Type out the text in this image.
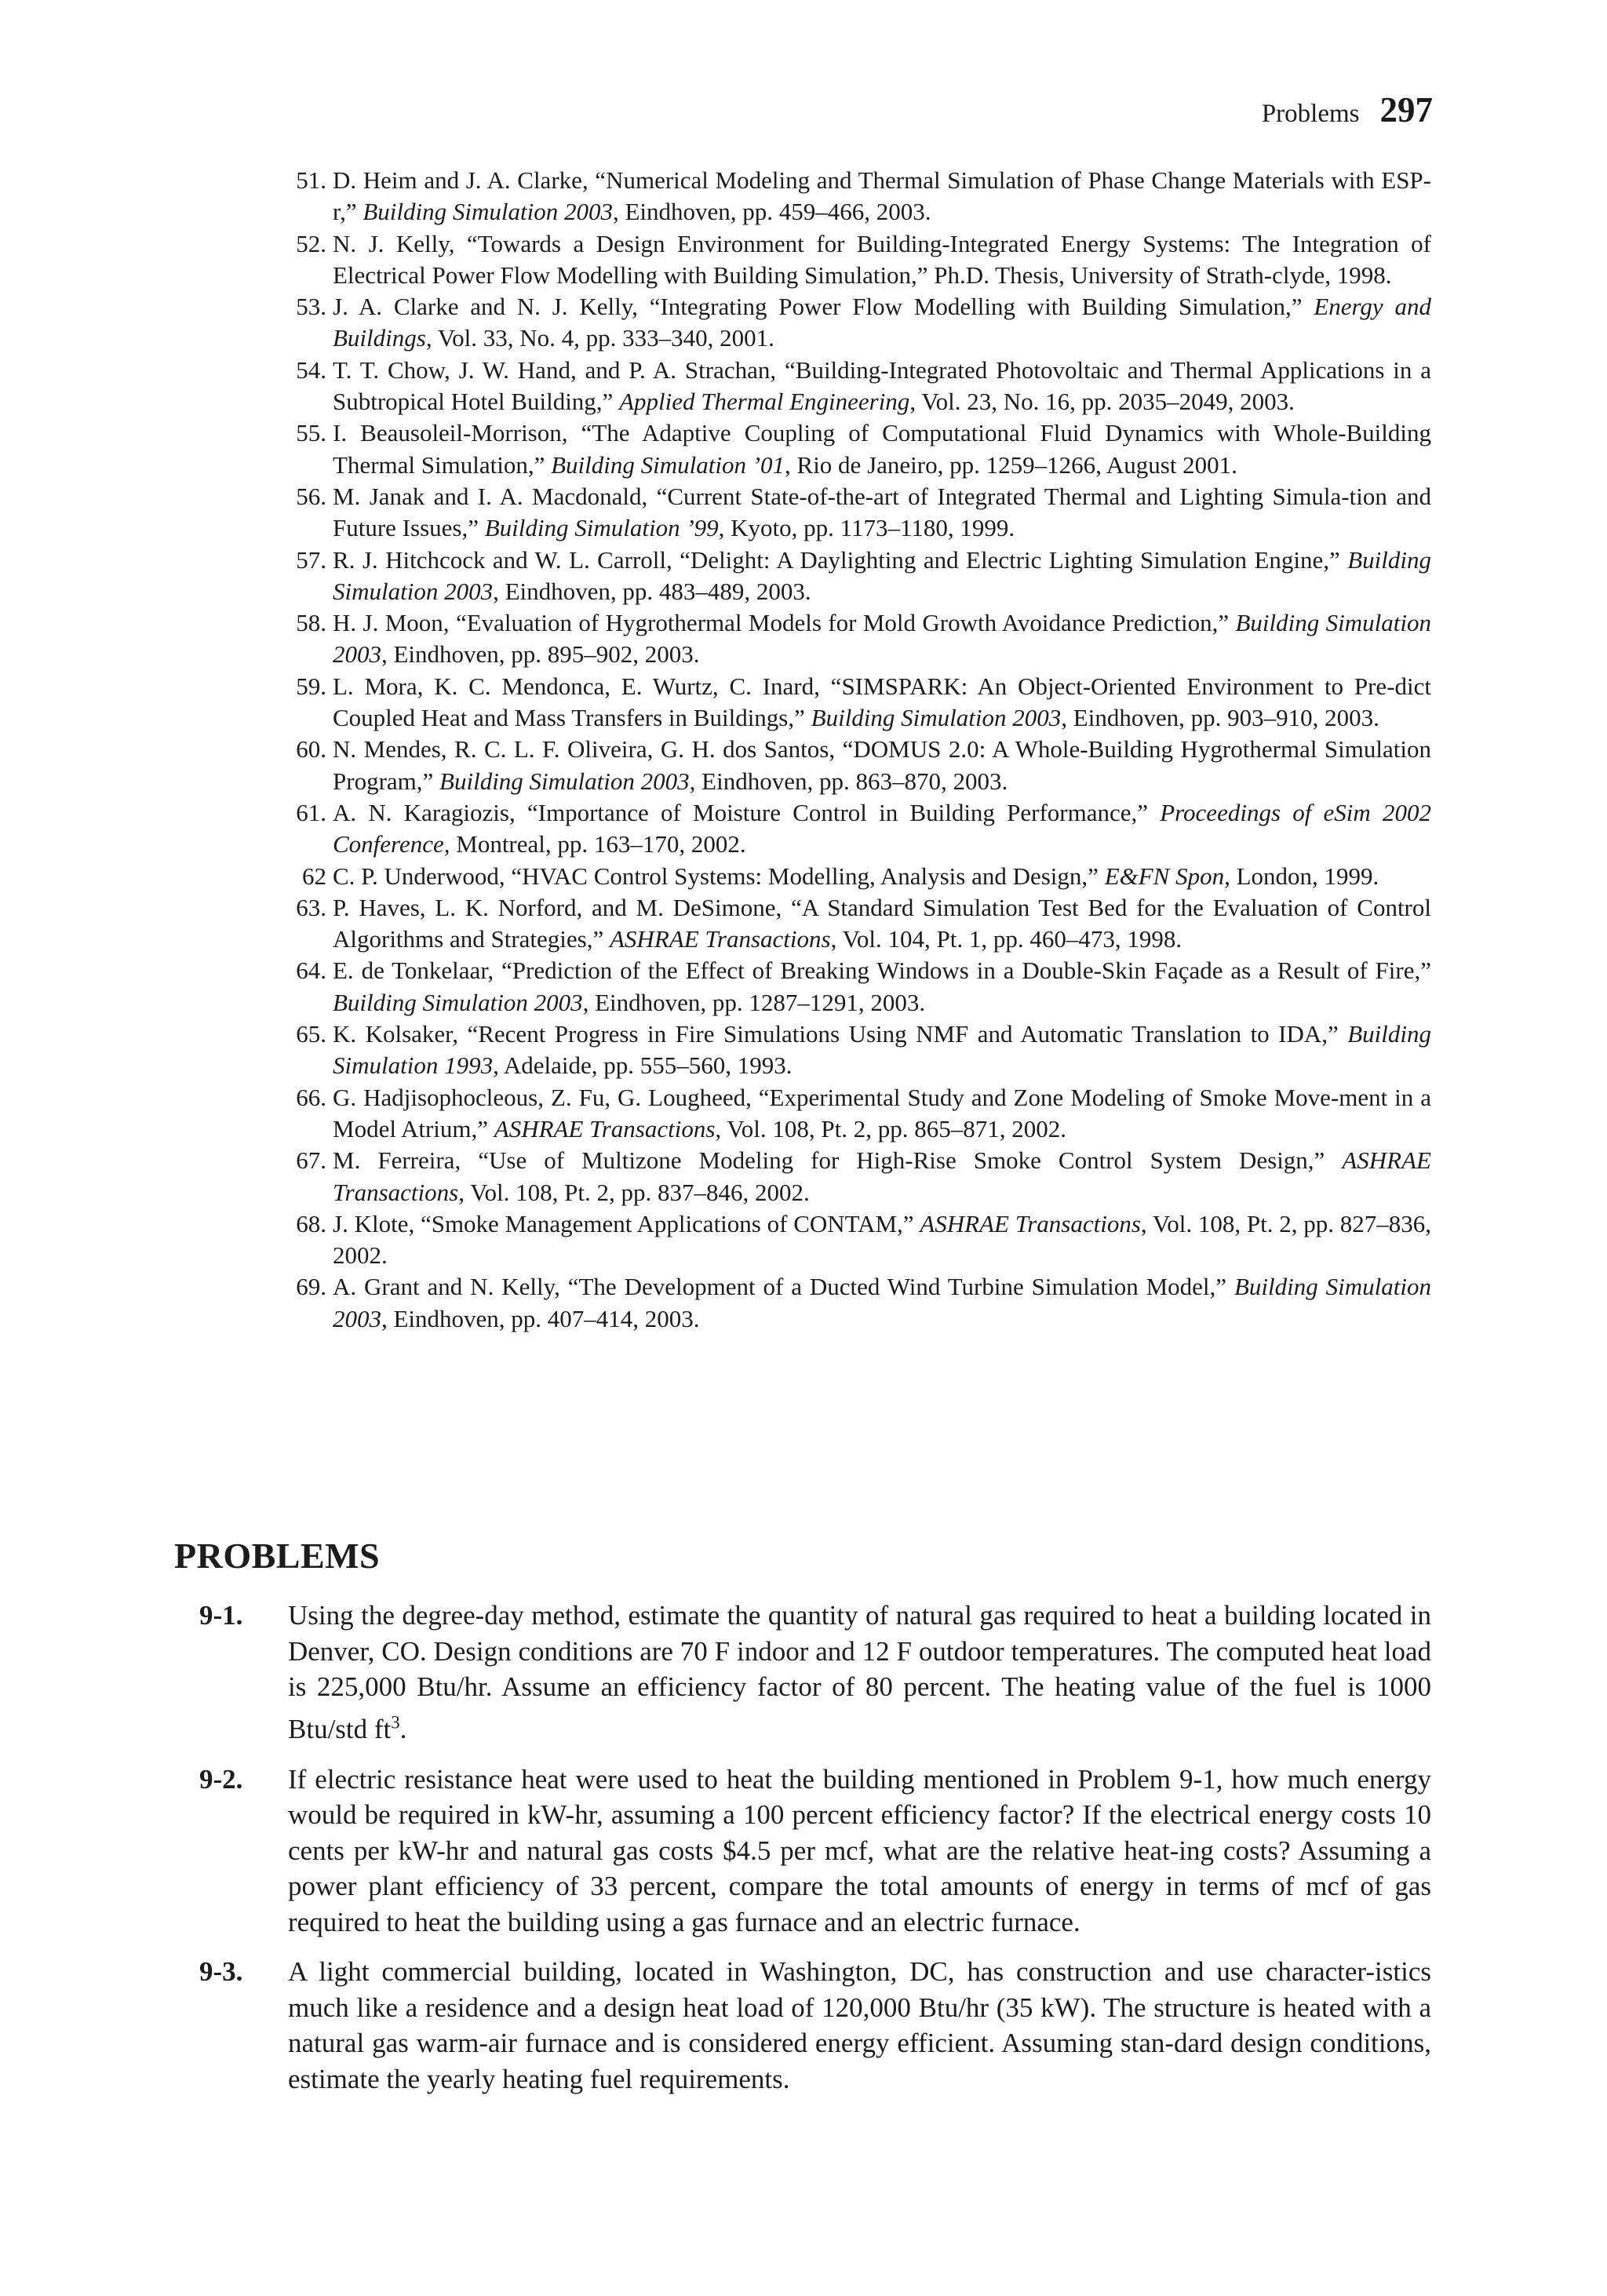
Problems 297
51. D. Heim and J. A. Clarke, “Numerical Modeling and Thermal Simulation of Phase Change Materials with ESP-r,” Building Simulation 2003, Eindhoven, pp. 459–466, 2003.
52. N. J. Kelly, “Towards a Design Environment for Building-Integrated Energy Systems: The Integration of Electrical Power Flow Modelling with Building Simulation,” Ph.D. Thesis, University of Strath-clyde, 1998.
53. J. A. Clarke and N. J. Kelly, “Integrating Power Flow Modelling with Building Simulation,” Energy and Buildings, Vol. 33, No. 4, pp. 333–340, 2001.
54. T. T. Chow, J. W. Hand, and P. A. Strachan, “Building-Integrated Photovoltaic and Thermal Applications in a Subtropical Hotel Building,” Applied Thermal Engineering, Vol. 23, No. 16, pp. 2035–2049, 2003.
55. I. Beausoleil-Morrison, “The Adaptive Coupling of Computational Fluid Dynamics with Whole-Building Thermal Simulation,” Building Simulation ’01, Rio de Janeiro, pp. 1259–1266, August 2001.
56. M. Janak and I. A. Macdonald, “Current State-of-the-art of Integrated Thermal and Lighting Simula-tion and Future Issues,” Building Simulation ’99, Kyoto, pp. 1173–1180, 1999.
57. R. J. Hitchcock and W. L. Carroll, “Delight: A Daylighting and Electric Lighting Simulation Engine,” Building Simulation 2003, Eindhoven, pp. 483–489, 2003.
58. H. J. Moon, “Evaluation of Hygrothermal Models for Mold Growth Avoidance Prediction,” Building Simulation 2003, Eindhoven, pp. 895–902, 2003.
59. L. Mora, K. C. Mendonca, E. Wurtz, C. Inard, “SIMSPARK: An Object-Oriented Environment to Pre-dict Coupled Heat and Mass Transfers in Buildings,” Building Simulation 2003, Eindhoven, pp. 903–910, 2003.
60. N. Mendes, R. C. L. F. Oliveira, G. H. dos Santos, “DOMUS 2.0: A Whole-Building Hygrothermal Simulation Program,” Building Simulation 2003, Eindhoven, pp. 863–870, 2003.
61. A. N. Karagiozis, “Importance of Moisture Control in Building Performance,” Proceedings of eSim 2002 Conference, Montreal, pp. 163–170, 2002.
62 C. P. Underwood, “HVAC Control Systems: Modelling, Analysis and Design,” E&FN Spon, London, 1999.
63. P. Haves, L. K. Norford, and M. DeSimone, “A Standard Simulation Test Bed for the Evaluation of Control Algorithms and Strategies,” ASHRAE Transactions, Vol. 104, Pt. 1, pp. 460–473, 1998.
64. E. de Tonkelaar, “Prediction of the Effect of Breaking Windows in a Double-Skin Façade as a Result of Fire,” Building Simulation 2003, Eindhoven, pp. 1287–1291, 2003.
65. K. Kolsaker, “Recent Progress in Fire Simulations Using NMF and Automatic Translation to IDA,” Building Simulation 1993, Adelaide, pp. 555–560, 1993.
66. G. Hadjisophocleous, Z. Fu, G. Lougheed, “Experimental Study and Zone Modeling of Smoke Move-ment in a Model Atrium,” ASHRAE Transactions, Vol. 108, Pt. 2, pp. 865–871, 2002.
67. M. Ferreira, “Use of Multizone Modeling for High-Rise Smoke Control System Design,” ASHRAE Transactions, Vol. 108, Pt. 2, pp. 837–846, 2002.
68. J. Klote, “Smoke Management Applications of CONTAM,” ASHRAE Transactions, Vol. 108, Pt. 2, pp. 827–836, 2002.
69. A. Grant and N. Kelly, “The Development of a Ducted Wind Turbine Simulation Model,” Building Simulation 2003, Eindhoven, pp. 407–414, 2003.
PROBLEMS
9-1. Using the degree-day method, estimate the quantity of natural gas required to heat a building located in Denver, CO. Design conditions are 70 F indoor and 12 F outdoor temperatures. The computed heat load is 225,000 Btu/hr. Assume an efficiency factor of 80 percent. The heating value of the fuel is 1000 Btu/std $ft^3$.
9-2. If electric resistance heat were used to heat the building mentioned in Problem 9-1, how much energy would be required in kW-hr, assuming a 100 percent efficiency factor? If the electrical energy costs 10 cents per kW-hr and natural gas costs $4.5 per mcf, what are the relative heat-ing costs? Assuming a power plant efficiency of 33 percent, compare the total amounts of energy in terms of mcf of gas required to heat the building using a gas furnace and an electric furnace.
9-3. A light commercial building, located in Washington, DC, has construction and use character-istics much like a residence and a design heat load of 120,000 Btu/hr (35 kW). The structure is heated with a natural gas warm-air furnace and is considered energy efficient. Assuming stan-dard design conditions, estimate the yearly heating fuel requirements.
